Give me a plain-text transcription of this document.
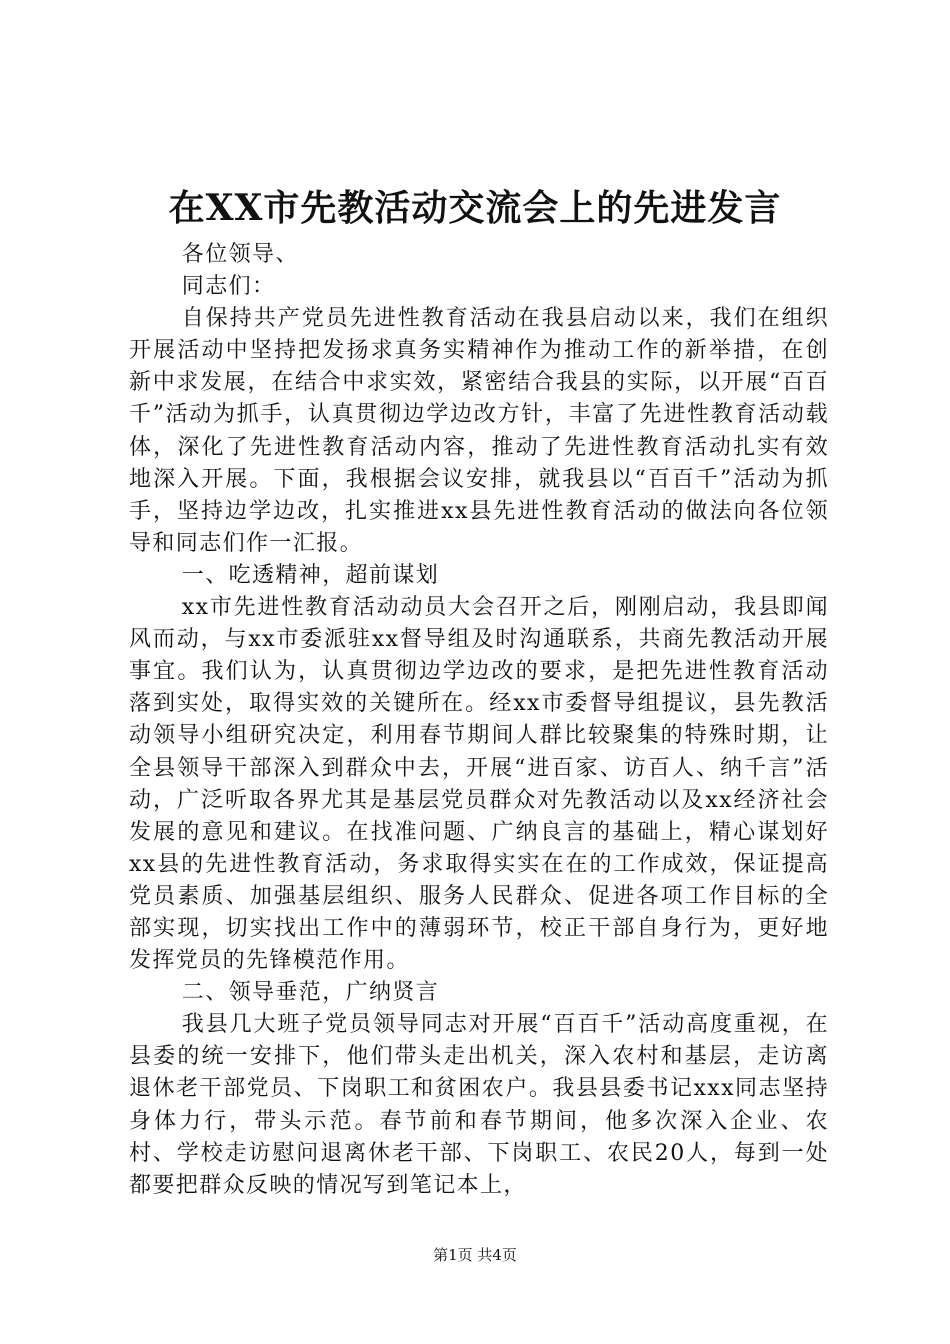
在XX市先教活动交流会上的先进发言

各位领导、

同志们：

自保持共产党员先进性教育活动在我县启动以来，我们在组织开展活动中坚持把发扬求真务实精神作为推动工作的新举措，在创新中求发展，在结合中求实效，紧密结合我县的实际，以开展“百百千”活动为抓手，认真贯彻边学边改方针，丰富了先进性教育活动载体，深化了先进性教育活动内容，推动了先进性教育活动扎实有效地深入开展。下面，我根据会议安排，就我县以“百百千”活动为抓手，坚持边学边改，扎实推进xx县先进性教育活动的做法向各位领导和同志们作一汇报。

一、吃透精神，超前谋划

xx市先进性教育活动动员大会召开之后，刚刚启动，我县即闻风而动，与xx市委派驻xx督导组及时沟通联系，共商先教活动开展事宜。我们认为，认真贯彻边学边改的要求，是把先进性教育活动落到实处，取得实效的关键所在。经xx市委督导组提议，县先教活动领导小组研究决定，利用春节期间人群比较聚集的特殊时期，让全县领导干部深入到群众中去，开展“进百家、访百人、纳千言”活动，广泛听取各界尤其是基层党员群众对先教活动以及xx经济社会发展的意见和建议。在找准问题、广纳良言的基础上，精心谋划好xx县的先进性教育活动，务求取得实实在在的工作成效，保证提高党员素质、加强基层组织、服务人民群众、促进各项工作目标的全部实现，切实找出工作中的薄弱环节，校正干部自身行为，更好地发挥党员的先锋模范作用。

二、领导垂范，广纳贤言

我县几大班子党员领导同志对开展“百百千”活动高度重视，在县委的统一安排下，他们带头走出机关，深入农村和基层，走访离退休老干部党员、下岗职工和贫困农户。我县县委书记xxx同志坚持身体力行，带头示范。春节前和春节期间，他多次深入企业、农村、学校走访慰问退离休老干部、下岗职工、农民20人，每到一处都要把群众反映的情况写到笔记本上，

第1页 共4页
